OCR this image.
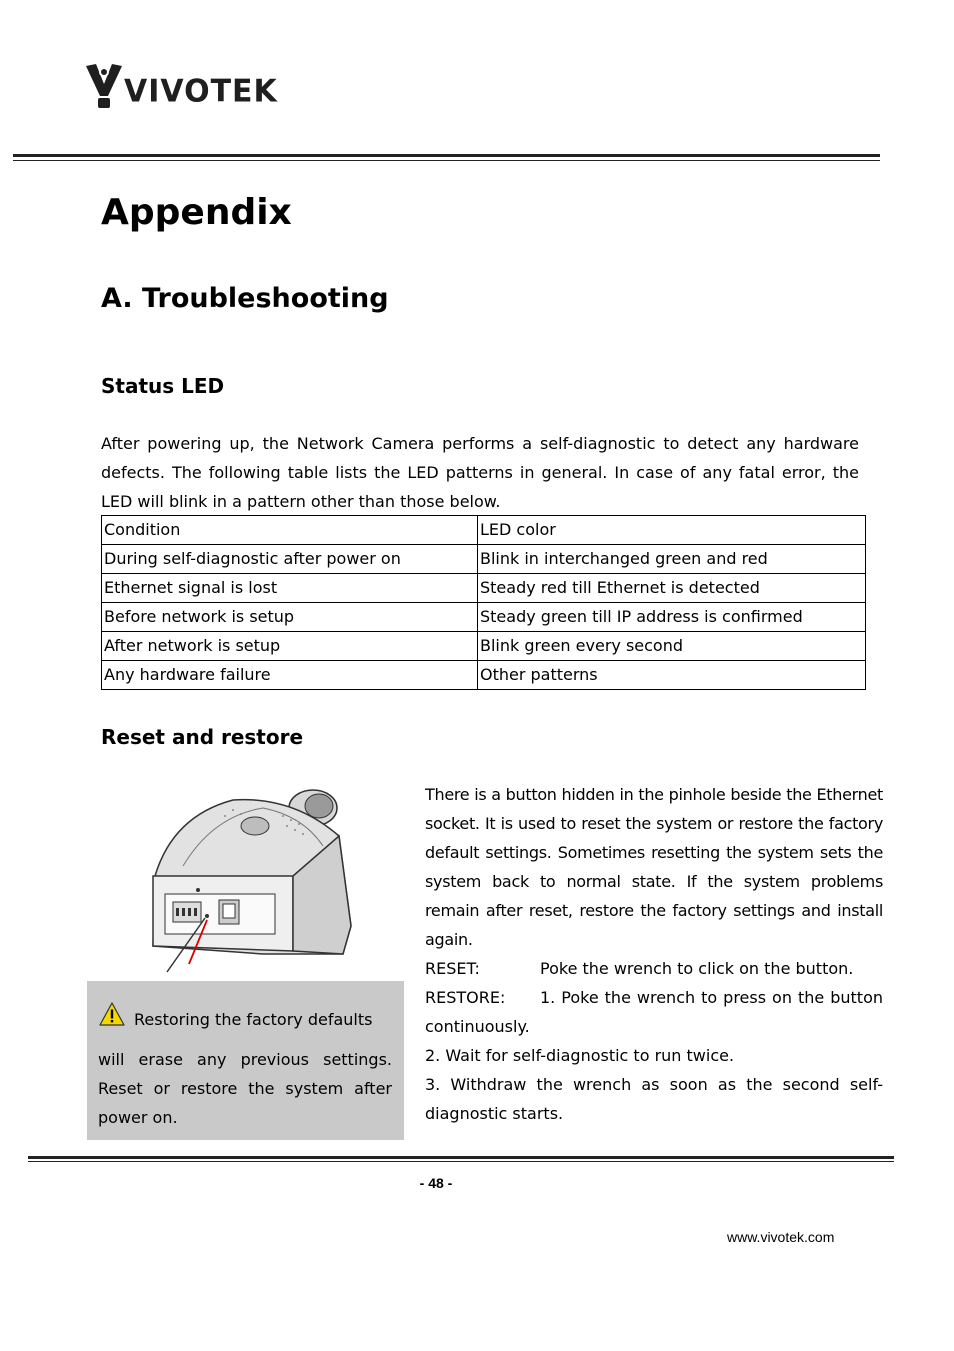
VIVOTEK
Appendix
A. Troubleshooting
Status LED
After powering up, the Network Camera performs a self-diagnostic to detect any hardware defects. The following table lists the LED patterns in general. In case of any fatal error, the LED will blink in a pattern other than those below.
Condition	LED color
During self-diagnostic after power on	Blink in interchanged green and red
Ethernet signal is lost	Steady red till Ethernet is detected
Before network is setup	Steady green till IP address is confirmed
After network is setup	Blink green every second
Any hardware failure	Other patterns
Reset and restore
Restoring the factory defaults
will erase any previous settings. Reset or restore the system after power on.
There is a button hidden in the pinhole beside the Ethernet socket. It is used to reset the system or restore the factory default settings. Sometimes resetting the system sets the system back to normal state. If the system problems remain after reset, restore the factory settings and install again.
RESET:	Poke the wrench to click on the button.
RESTORE: 1. Poke the wrench to press on the button continuously.
2. Wait for self-diagnostic to run twice.
3. Withdraw the wrench as soon as the second self-diagnostic starts.
- 48 -
www.vivotek.com
